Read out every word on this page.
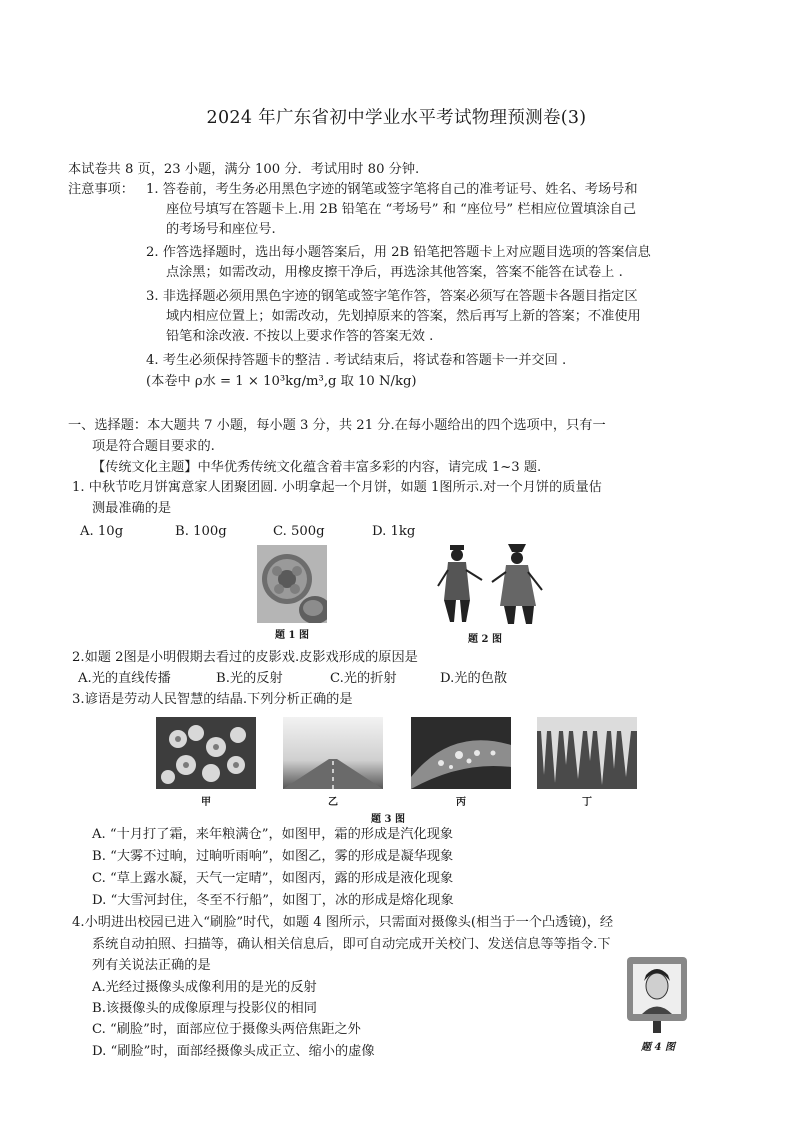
2024 年广东省初中学业水平考试物理预测卷(3)
本试卷共 8 页，23 小题，满分 100 分．考试用时 80 分钟.
注意事项： 1. 答卷前，考生务必用黑色字迹的钢笔或签字笔将自己的准考证号、姓名、考场号和
座位号填写在答题卡上.用 2B 铅笔在 “考场号” 和 “座位号” 栏相应位置填涂自己
的考场号和座位号.
2. 作答选择题时，选出每小题答案后，用 2B 铅笔把答题卡上对应题目选项的答案信息
点涂黑；如需改动，用橡皮擦干净后，再选涂其他答案，答案不能答在试卷上 .
3. 非选择题必须用黑色字迹的钢笔或签字笔作答，答案必须写在答题卡各题目指定区
域内相应位置上；如需改动，先划掉原来的答案，然后再写上新的答案；不准使用
铅笔和涂改液. 不按以上要求作答的答案无效 .
4. 考生必须保持答题卡的整洁 . 考试结束后，将试卷和答题卡一并交回 .
(本卷中 ρ水 = 1 × 10³kg/m³,g 取 10 N/kg)
一、选择题：本大题共 7 小题，每小题 3 分，共 21 分.在每小题给出的四个选项中，只有一
项是符合题目要求的.
【传统文化主题】中华优秀传统文化蕴含着丰富多彩的内容，请完成 1~3 题.
1. 中秋节吃月饼寓意家人团聚团圆. 小明拿起一个月饼，如题 1图所示.对一个月饼的质量估
测最准确的是
A. 10g	B. 100g	C. 500g	D. 1kg
题 1 图	题 2 图
2.如题 2图是小明假期去看过的皮影戏.皮影戏形成的原因是
A.光的直线传播	B.光的反射	C.光的折射	D.光的色散
3.谚语是劳动人民智慧的结晶.下列分析正确的是
甲	乙	丙	丁
题 3 图
A. “十月打了霜，来年粮满仓”，如图甲，霜的形成是汽化现象
B. “大雾不过晌，过晌听雨响”，如图乙，雾的形成是凝华现象
C. “草上露水凝，天气一定晴”，如图丙，露的形成是液化现象
D. “大雪河封住，冬至不行船”，如图丁，冰的形成是熔化现象
4.小明进出校园已进入“刷脸”时代，如题 4 图所示，只需面对摄像头(相当于一个凸透镜)，经
系统自动拍照、扫描等，确认相关信息后，即可自动完成开关校门、发送信息等等指令.下
列有关说法正确的是
A.光经过摄像头成像利用的是光的反射
B.该摄像头的成像原理与投影仪的相同
C. “刷脸”时，面部应位于摄像头两倍焦距之外
D. “刷脸”时，面部经摄像头成正立、缩小的虚像	题 4 图
